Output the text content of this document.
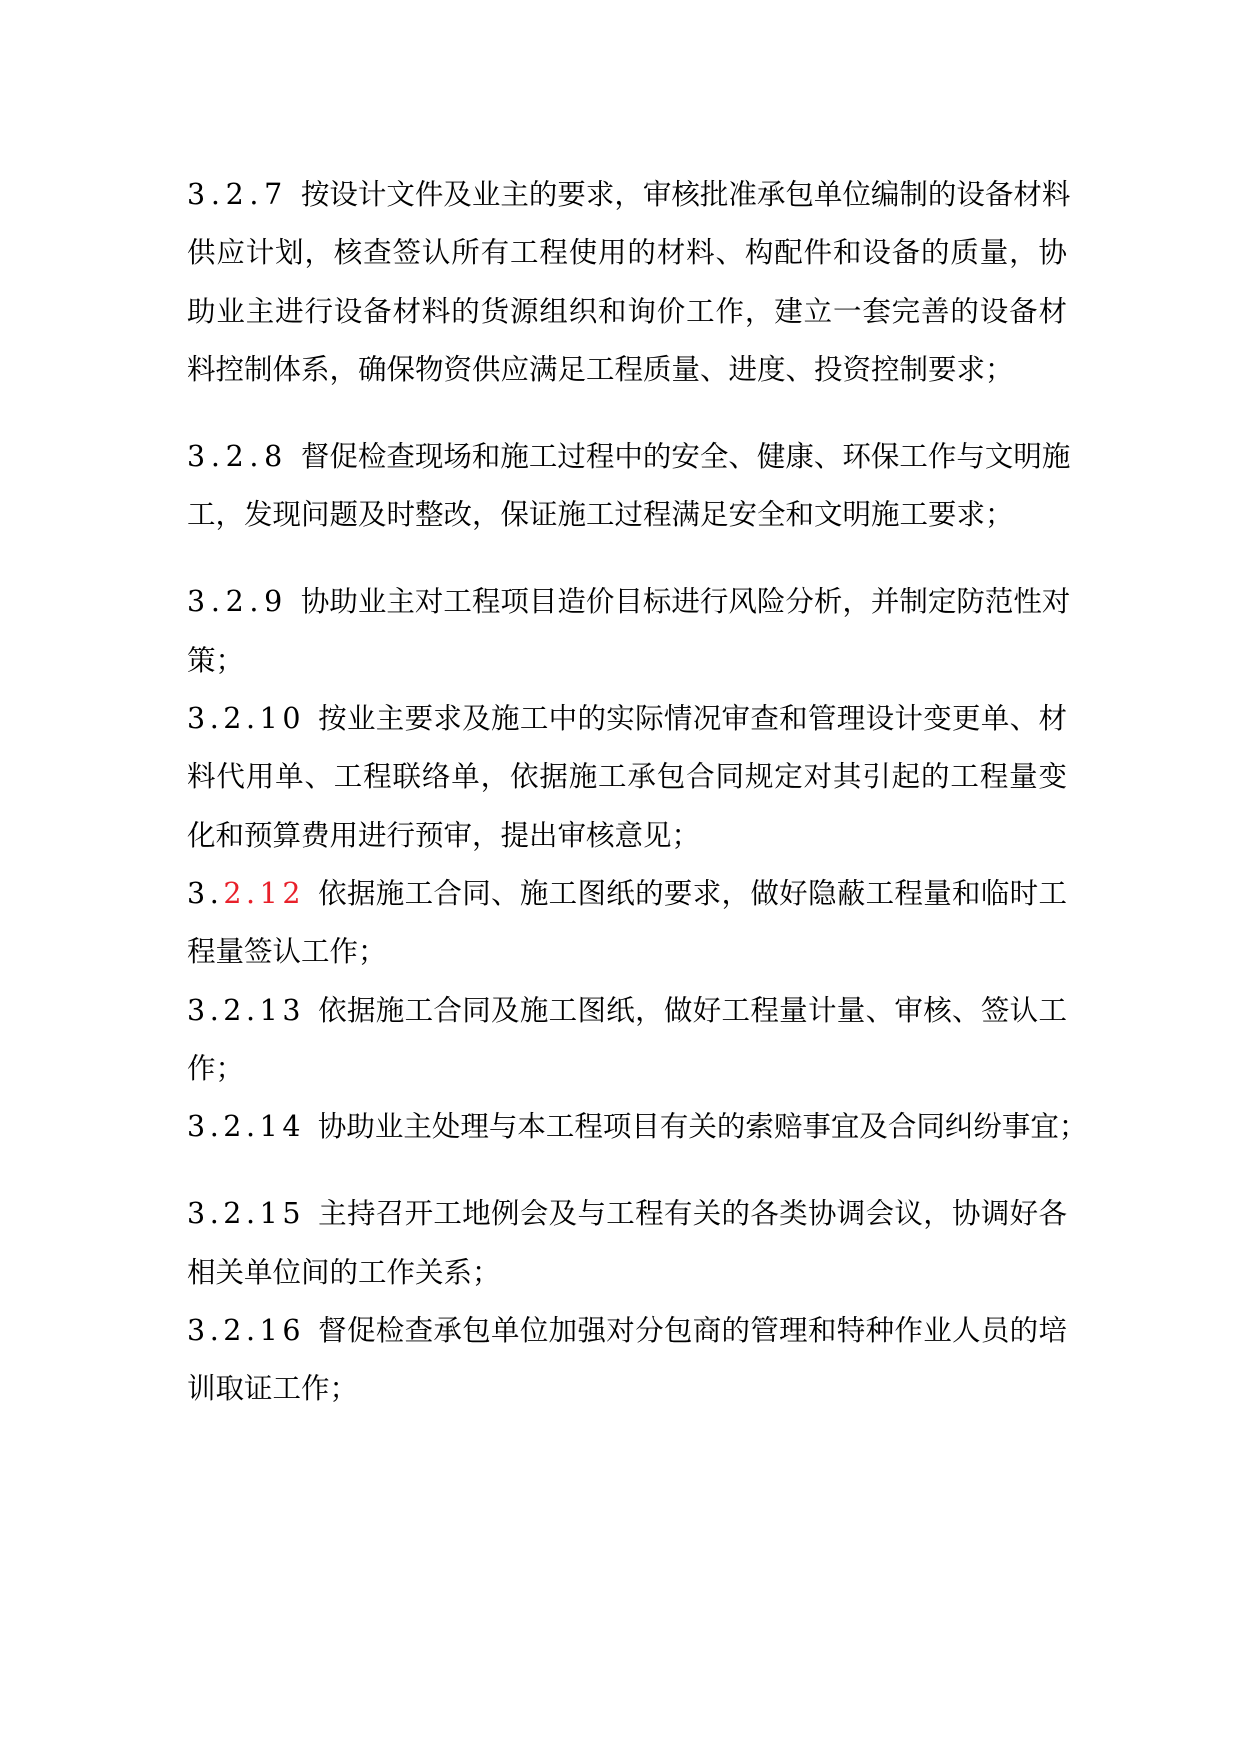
3.2.7 按设计文件及业主的要求，审核批准承包单位编制的设备材料
供应计划，核查签认所有工程使用的材料、构配件和设备的质量，协
助业主进行设备材料的货源组织和询价工作，建立一套完善的设备材
料控制体系，确保物资供应满足工程质量、进度、投资控制要求；
3.2.8 督促检查现场和施工过程中的安全、健康、环保工作与文明施
工，发现问题及时整改，保证施工过程满足安全和文明施工要求；
3.2.9 协助业主对工程项目造价目标进行风险分析，并制定防范性对
策；
3.2.10 按业主要求及施工中的实际情况审查和管理设计变更单、材
料代用单、工程联络单，依据施工承包合同规定对其引起的工程量变
化和预算费用进行预审，提出审核意见；
3.2.12 依据施工合同、施工图纸的要求，做好隐蔽工程量和临时工
程量签认工作；
3.2.13 依据施工合同及施工图纸，做好工程量计量、审核、签认工
作；
3.2.14 协助业主处理与本工程项目有关的索赔事宜及合同纠纷事宜；
3.2.15 主持召开工地例会及与工程有关的各类协调会议，协调好各
相关单位间的工作关系；
3.2.16 督促检查承包单位加强对分包商的管理和特种作业人员的培
训取证工作；
